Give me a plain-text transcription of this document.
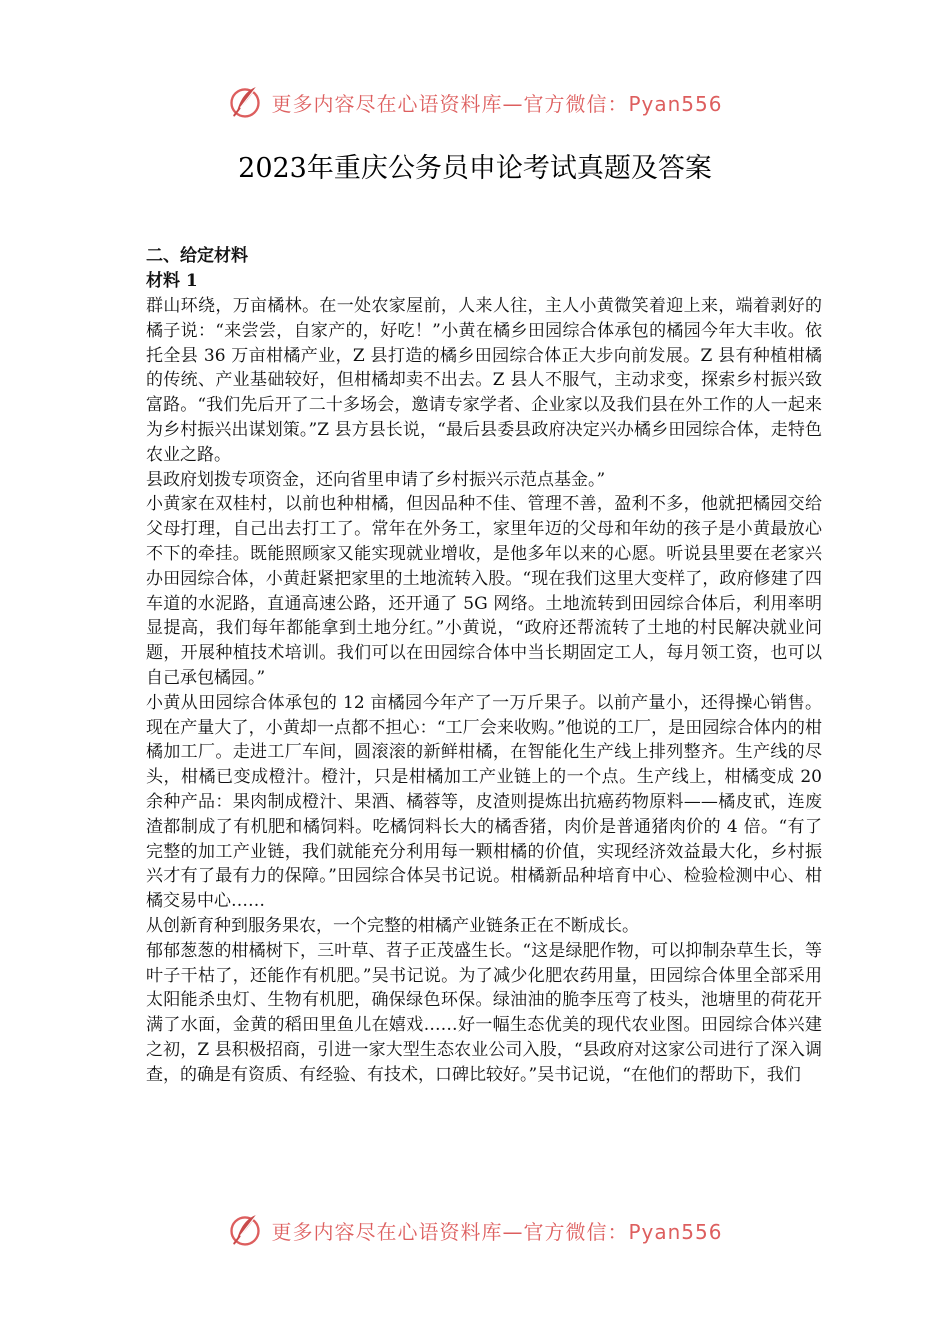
更多内容尽在心语资料库—官方微信：Pyan556
2023年重庆公务员申论考试真题及答案

二、给定材料

材料 1

群山环绕，万亩橘林。在一处农家屋前，人来人往，主人小黄微笑着迎上来，端着剥好的橘子说：“来尝尝，自家产的，好吃！”小黄在橘乡田园综合体承包的橘园今年大丰收。依托全县 36 万亩柑橘产业，Z 县打造的橘乡田园综合体正大步向前发展。Z 县有种植柑橘的传统、产业基础较好，但柑橘却卖不出去。Z 县人不服气，主动求变，探索乡村振兴致富路。“我们先后开了二十多场会，邀请专家学者、企业家以及我们县在外工作的人一起来为乡村振兴出谋划策。”Z 县方县长说，“最后县委县政府决定兴办橘乡田园综合体，走特色农业之路。

县政府划拨专项资金，还向省里申请了乡村振兴示范点基金。”

小黄家在双桂村，以前也种柑橘，但因品种不佳、管理不善，盈利不多，他就把橘园交给父母打理，自己出去打工了。常年在外务工，家里年迈的父母和年幼的孩子是小黄最放心不下的牵挂。既能照顾家又能实现就业增收，是他多年以来的心愿。听说县里要在老家兴办田园综合体，小黄赶紧把家里的土地流转入股。“现在我们这里大变样了，政府修建了四车道的水泥路，直通高速公路，还开通了 5G 网络。土地流转到田园综合体后，利用率明显提高，我们每年都能拿到土地分红。”小黄说，“政府还帮流转了土地的村民解决就业问题，开展种植技术培训。我们可以在田园综合体中当长期固定工人，每月领工资，也可以自己承包橘园。”

小黄从田园综合体承包的 12 亩橘园今年产了一万斤果子。以前产量小，还得操心销售。现在产量大了，小黄却一点都不担心：“工厂会来收购。”他说的工厂，是田园综合体内的柑橘加工厂。走进工厂车间，圆滚滚的新鲜柑橘，在智能化生产线上排列整齐。生产线的尽头，柑橘已变成橙汁。橙汁，只是柑橘加工产业链上的一个点。生产线上，柑橘变成 20 余种产品：果肉制成橙汁、果酒、橘蓉等，皮渣则提炼出抗癌药物原料——橘皮甙，连废渣都制成了有机肥和橘饲料。吃橘饲料长大的橘香猪，肉价是普通猪肉价的 4 倍。“有了完整的加工产业链，我们就能充分利用每一颗柑橘的价值，实现经济效益最大化，乡村振兴才有了最有力的保障。”田园综合体吴书记说。柑橘新品种培育中心、检验检测中心、柑橘交易中心……

从创新育种到服务果农，一个完整的柑橘产业链条正在不断成长。

郁郁葱葱的柑橘树下，三叶草、苕子正茂盛生长。“这是绿肥作物，可以抑制杂草生长，等叶子干枯了，还能作有机肥。”吴书记说。为了减少化肥农药用量，田园综合体里全部采用太阳能杀虫灯、生物有机肥，确保绿色环保。绿油油的脆李压弯了枝头，池塘里的荷花开满了水面，金黄的稻田里鱼儿在嬉戏……好一幅生态优美的现代农业图。田园综合体兴建之初，Z 县积极招商，引进一家大型生态农业公司入股，“县政府对这家公司进行了深入调查，的确是有资质、有经验、有技术，口碑比较好。”吴书记说，“在他们的帮助下，我们

更多内容尽在心语资料库—官方微信：Pyan556
